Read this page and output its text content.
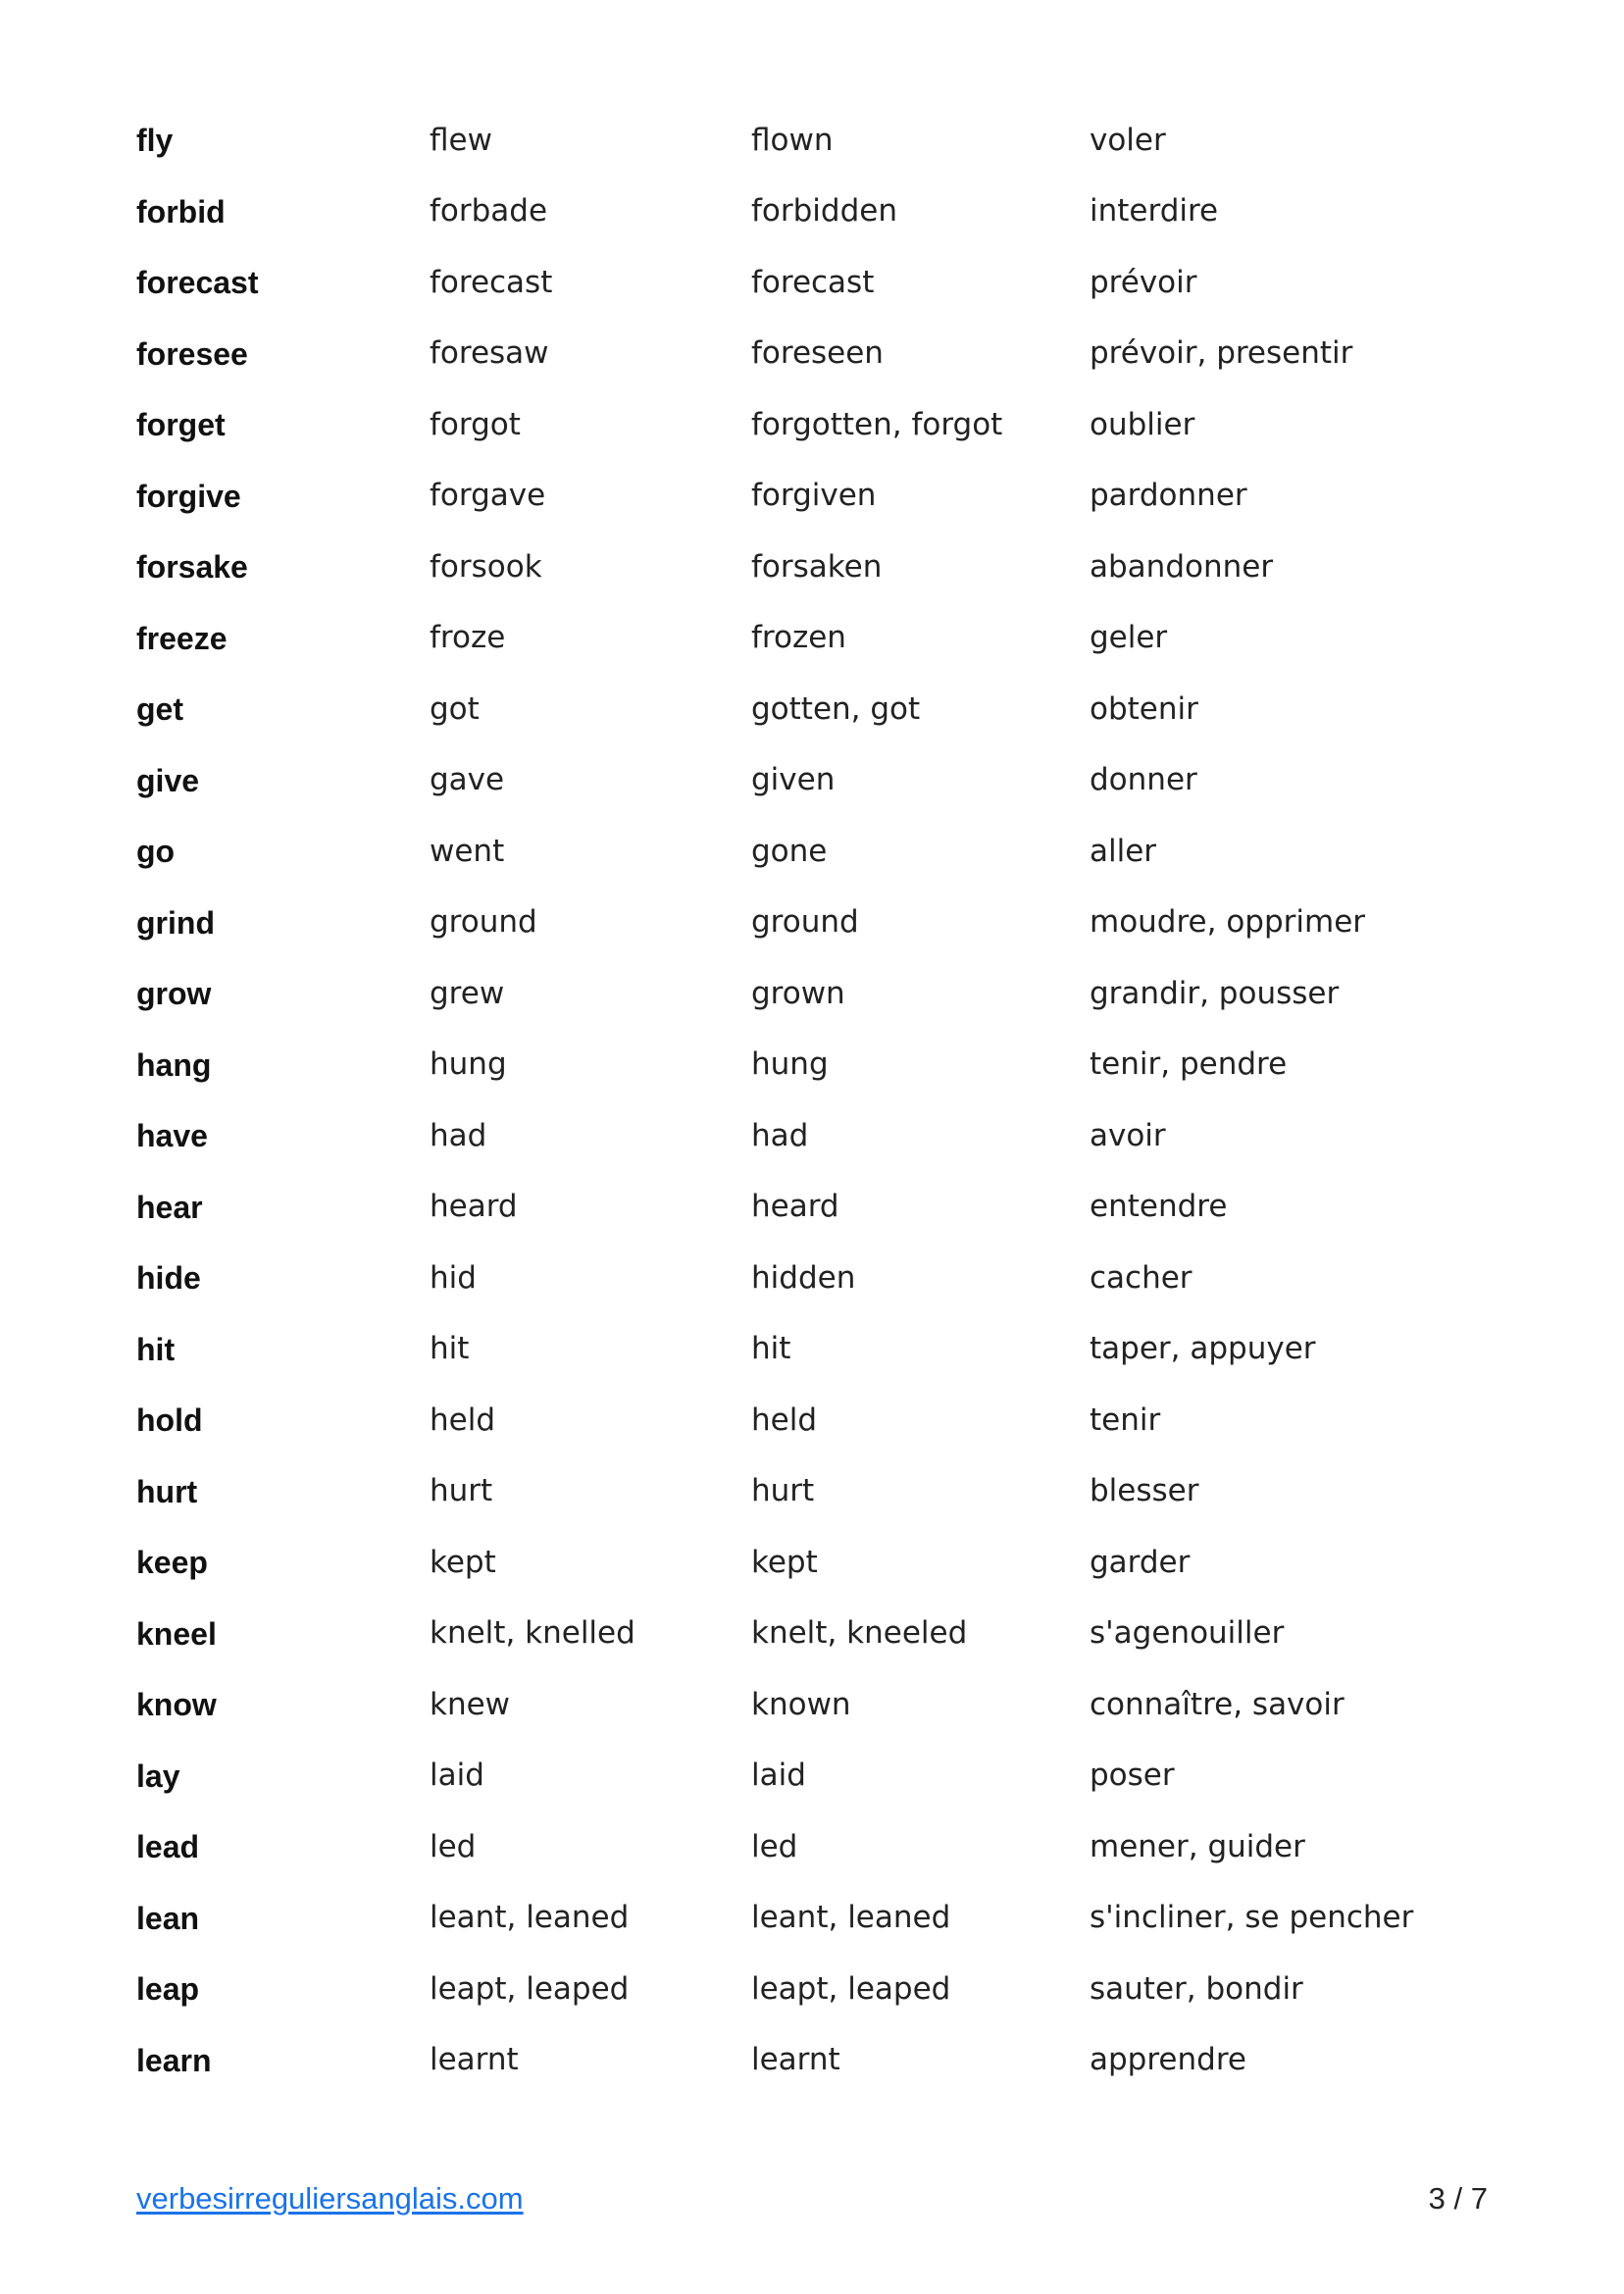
fly	flew	flown	voler
forbid	forbade	forbidden	interdire
forecast	forecast	forecast	prévoir
foresee	foresaw	foreseen	prévoir, presentir
forget	forgot	forgotten, forgot	oublier
forgive	forgave	forgiven	pardonner
forsake	forsook	forsaken	abandonner
freeze	froze	frozen	geler
get	got	gotten, got	obtenir
give	gave	given	donner
go	went	gone	aller
grind	ground	ground	moudre, opprimer
grow	grew	grown	grandir, pousser
hang	hung	hung	tenir, pendre
have	had	had	avoir
hear	heard	heard	entendre
hide	hid	hidden	cacher
hit	hit	hit	taper, appuyer
hold	held	held	tenir
hurt	hurt	hurt	blesser
keep	kept	kept	garder
kneel	knelt, knelled	knelt, kneeled	s'agenouiller
know	knew	known	connaître, savoir
lay	laid	laid	poser
lead	led	led	mener, guider
lean	leant, leaned	leant, leaned	s'incliner, se pencher
leap	leapt, leaped	leapt, leaped	sauter, bondir
learn	learnt	learnt	apprendre
verbesirreguliersanglais.com	3 / 7
